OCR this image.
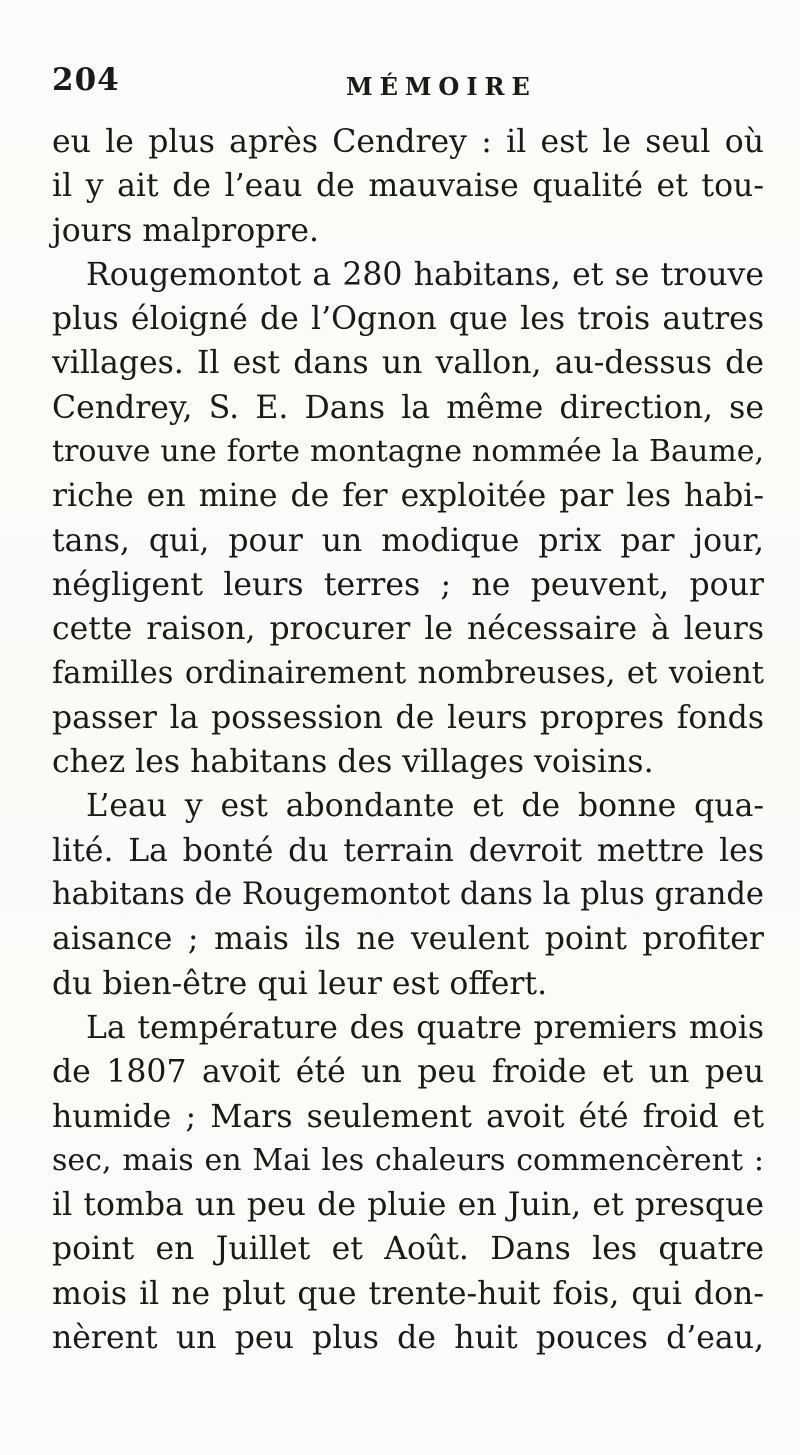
204	MÉMOIRE
eu le plus après Cendrey : il est le seul où
il y ait de l’eau de mauvaise qualité et tou-
jours malpropre.
Rougemontot a 280 habitans, et se trouve
plus éloigné de l’Ognon que les trois autres
villages. Il est dans un vallon, au-dessus de
Cendrey, S. E. Dans la même direction, se
trouve une forte montagne nommée la Baume,
riche en mine de fer exploitée par les habi-
tans, qui, pour un modique prix par jour,
négligent leurs terres ; ne peuvent, pour
cette raison, procurer le nécessaire à leurs
familles ordinairement nombreuses, et voient
passer la possession de leurs propres fonds
chez les habitans des villages voisins.
L’eau y est abondante et de bonne qua-
lité. La bonté du terrain devroit mettre les
habitans de Rougemontot dans la plus grande
aisance ; mais ils ne veulent point profiter
du bien-être qui leur est offert.
La température des quatre premiers mois
de 1807 avoit été un peu froide et un peu
humide ; Mars seulement avoit été froid et
sec, mais en Mai les chaleurs commencèrent :
il tomba un peu de pluie en Juin, et presque
point en Juillet et Août. Dans les quatre
mois il ne plut que trente-huit fois, qui don-
nèrent un peu plus de huit pouces d’eau,
